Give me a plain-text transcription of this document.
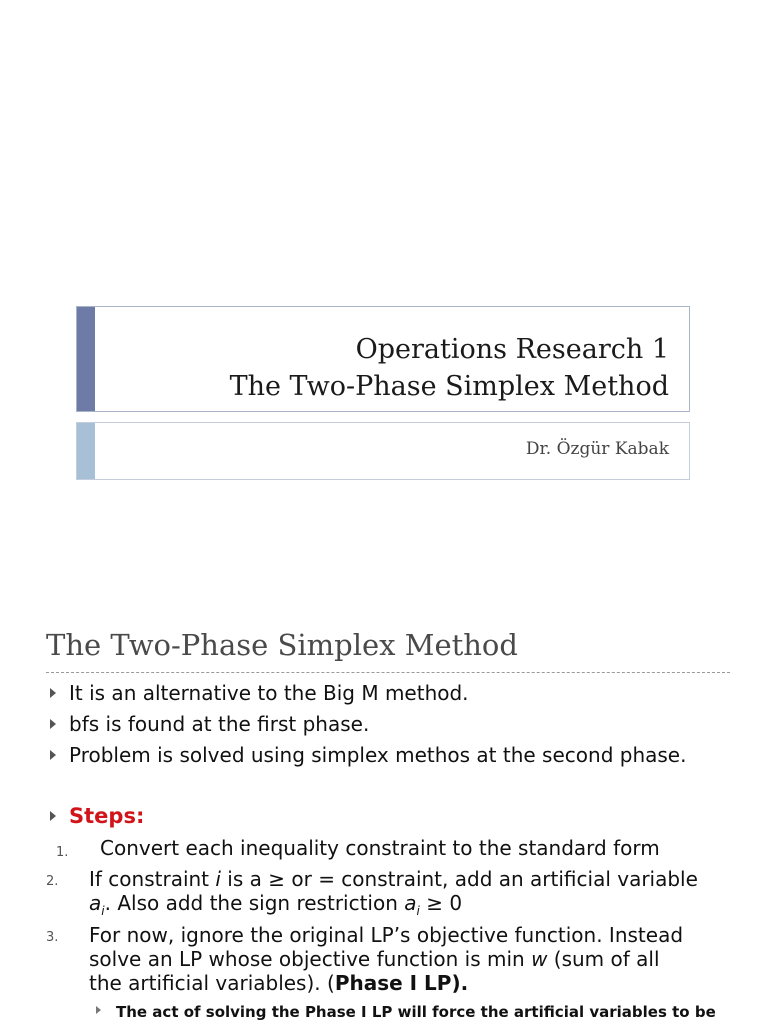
Operations Research 1
The Two-Phase Simplex Method
Dr. Özgür Kabak
The Two-Phase Simplex Method
It is an alternative to the Big M method.
bfs is found at the first phase.
Problem is solved using simplex methos at the second phase.
Steps:
1. Convert each inequality constraint to the standard form
2. If constraint i is a ≥ or = constraint, add an artificial variable
$a_i$. Also add the sign restriction $a_i \ge 0$
3. For now, ignore the original LP’s objective function. Instead
solve an LP whose objective function is min w (sum of all
the artificial variables). (Phase I LP).
The act of solving the Phase I LP will force the artificial variables to be
